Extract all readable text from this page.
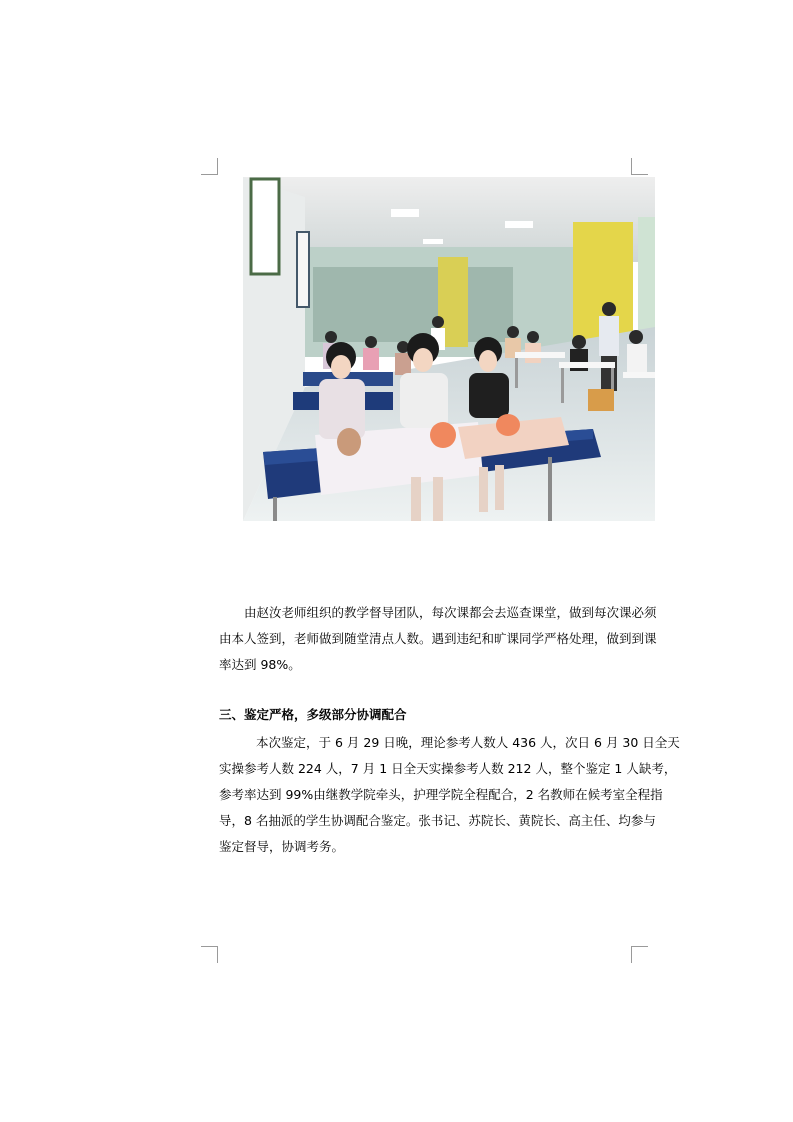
由赵汝老师组织的教学督导团队，每次课都会去巡查课堂，做到每次课必须
由本人签到，老师做到随堂清点人数。遇到违纪和旷课同学严格处理，做到到课
率达到 98%。

三、鉴定严格，多级部分协调配合

本次鉴定，于 6 月 29 日晚，理论参考人数人 436 人，次日 6 月 30 日全天
实操参考人数 224 人，7 月 1 日全天实操参考人数 212 人，整个鉴定 1 人缺考，
参考率达到 99%由继教学院牵头，护理学院全程配合，2 名教师在候考室全程指
导，8 名抽派的学生协调配合鉴定。张书记、苏院长、黄院长、高主任、均参与
鉴定督导，协调考务。
